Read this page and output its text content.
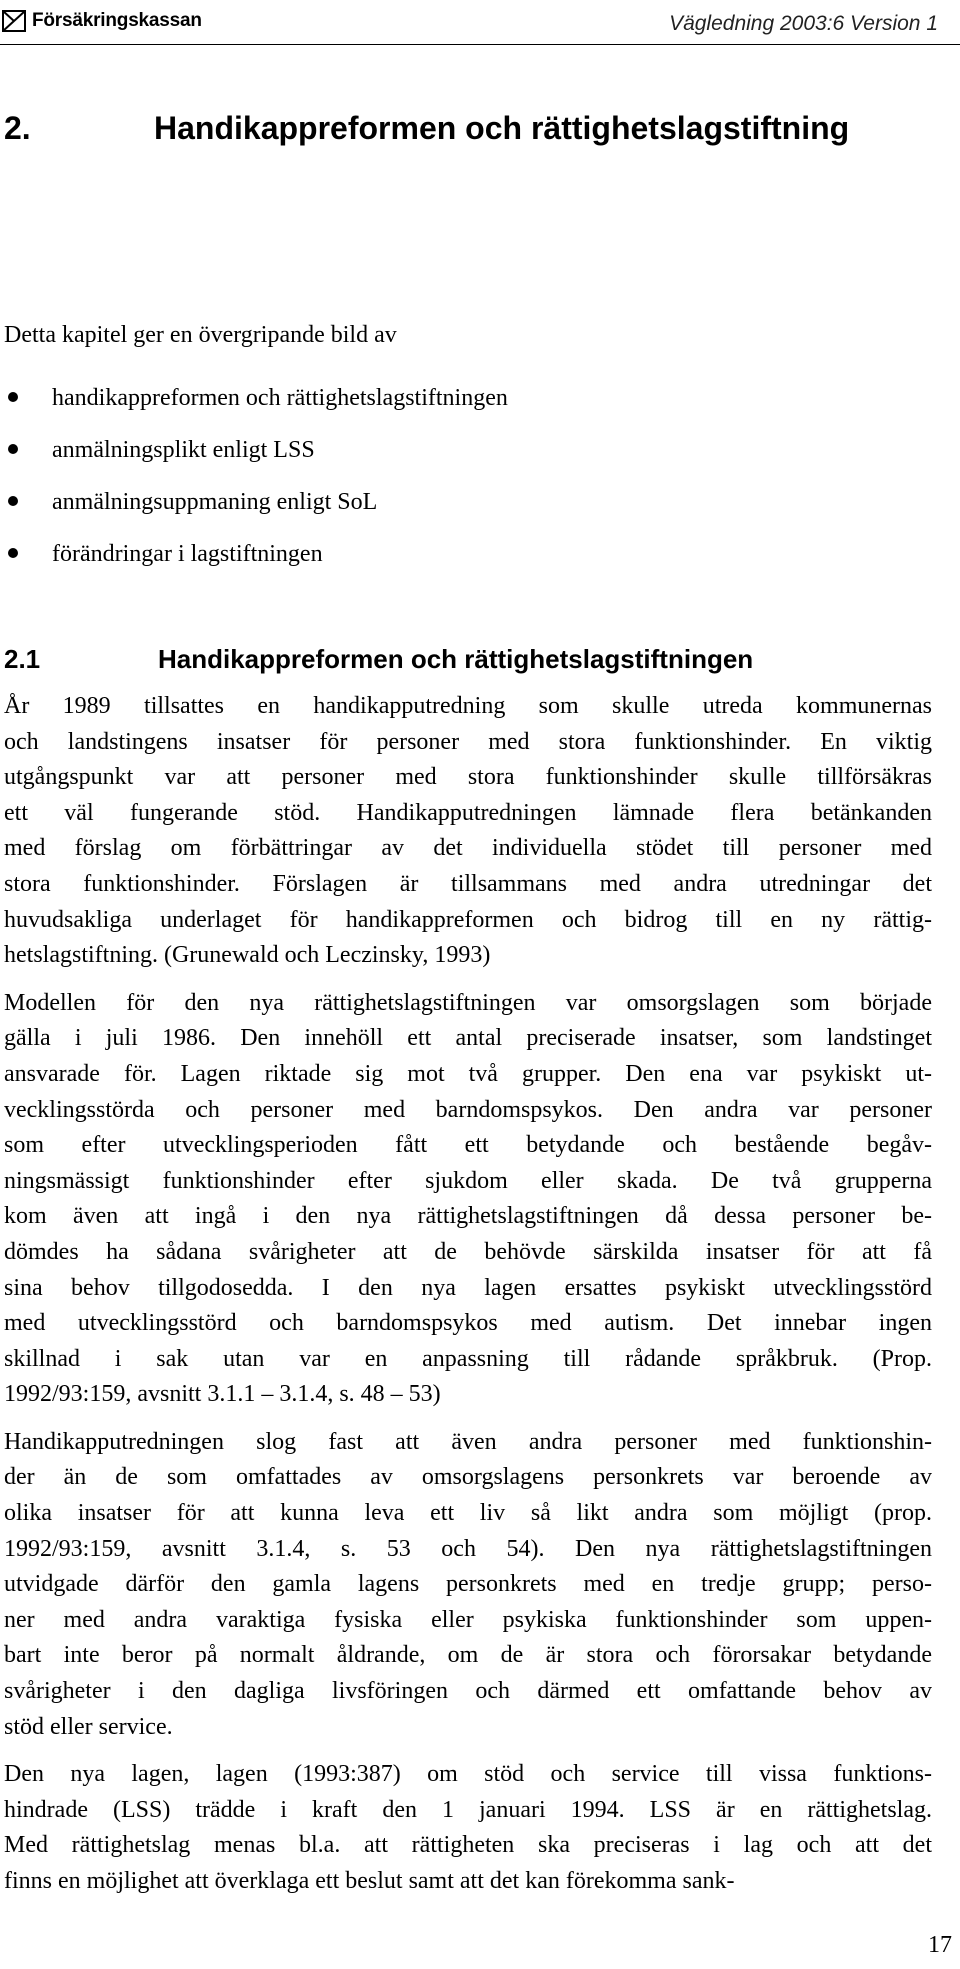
Försäkringskassan	Vägledning 2003:6 Version 1
2.	Handikappreformen och rättighetslagstiftning
Detta kapitel ger en övergripande bild av
handikappreformen och rättighetslagstiftningen
anmälningsplikt enligt LSS
anmälningsuppmaning enligt SoL
förändringar i lagstiftningen
2.1	Handikappreformen och rättighetslagstiftningen

År 1989 tillsattes en handikapputredning som skulle utreda kommunernas
och landstingens insatser för personer med stora funktionshinder. En viktig
utgångspunkt var att personer med stora funktionshinder skulle tillförsäkras
ett väl fungerande stöd. Handikapputredningen lämnade flera betänkanden
med förslag om förbättringar av det individuella stödet till personer med
stora funktionshinder. Förslagen är tillsammans med andra utredningar det
huvudsakliga underlaget för handikappreformen och bidrog till en ny rättig-
hetslagstiftning. (Grunewald och Leczinsky, 1993)

Modellen för den nya rättighetslagstiftningen var omsorgslagen som började
gälla i juli 1986. Den innehöll ett antal preciserade insatser, som landstinget
ansvarade för. Lagen riktade sig mot två grupper. Den ena var psykiskt ut-
vecklingsstörda och personer med barndomspsykos. Den andra var personer
som efter utvecklingsperioden fått ett betydande och bestående begåv-
ningsmässigt funktionshinder efter sjukdom eller skada. De två grupperna
kom även att ingå i den nya rättighetslagstiftningen då dessa personer be-
dömdes ha sådana svårigheter att de behövde särskilda insatser för att få
sina behov tillgodosedda. I den nya lagen ersattes psykiskt utvecklingsstörd
med utvecklingsstörd och barndomspsykos med autism. Det innebar ingen
skillnad i sak utan var en anpassning till rådande språkbruk. (Prop.
1992/93:159, avsnitt 3.1.1 – 3.1.4, s. 48 – 53)

Handikapputredningen slog fast att även andra personer med funktionshin-
der än de som omfattades av omsorgslagens personkrets var beroende av
olika insatser för att kunna leva ett liv så likt andra som möjligt (prop.
1992/93:159, avsnitt 3.1.4, s. 53 och 54). Den nya rättighetslagstiftningen
utvidgade därför den gamla lagens personkrets med en tredje grupp; perso-
ner med andra varaktiga fysiska eller psykiska funktionshinder som uppen-
bart inte beror på normalt åldrande, om de är stora och förorsakar betydande
svårigheter i den dagliga livsföringen och därmed ett omfattande behov av
stöd eller service.

Den nya lagen, lagen (1993:387) om stöd och service till vissa funktions-
hindrade (LSS) trädde i kraft den 1 januari 1994. LSS är en rättighetslag.
Med rättighetslag menas bl.a. att rättigheten ska preciseras i lag och att det
finns en möjlighet att överklaga ett beslut samt att det kan förekomma sank-

17
